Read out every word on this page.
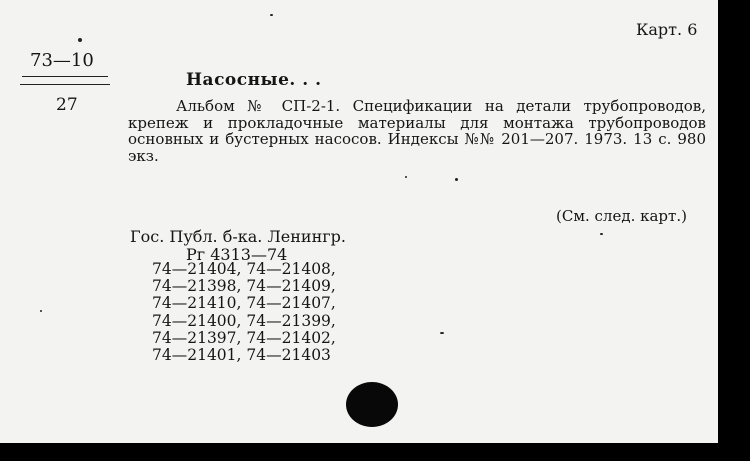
Карт. 6
73—10
27
Насосные. . .
Альбом № СП-2-1. Спецификации на детали трубопроводов, крепеж и прокладочные материалы для монтажа трубопроводов основных и бустерных насосов. Индексы №№ 201—207. 1973. 13 с. 980 экз.
(См. след. карт.)
Гос. Публ. б-ка. Ленингр.
Рг 4313—74
74—21404, 74—21408,
74—21398, 74—21409,
74—21410, 74—21407,
74—21400, 74—21399,
74—21397, 74—21402,
74—21401, 74—21403
